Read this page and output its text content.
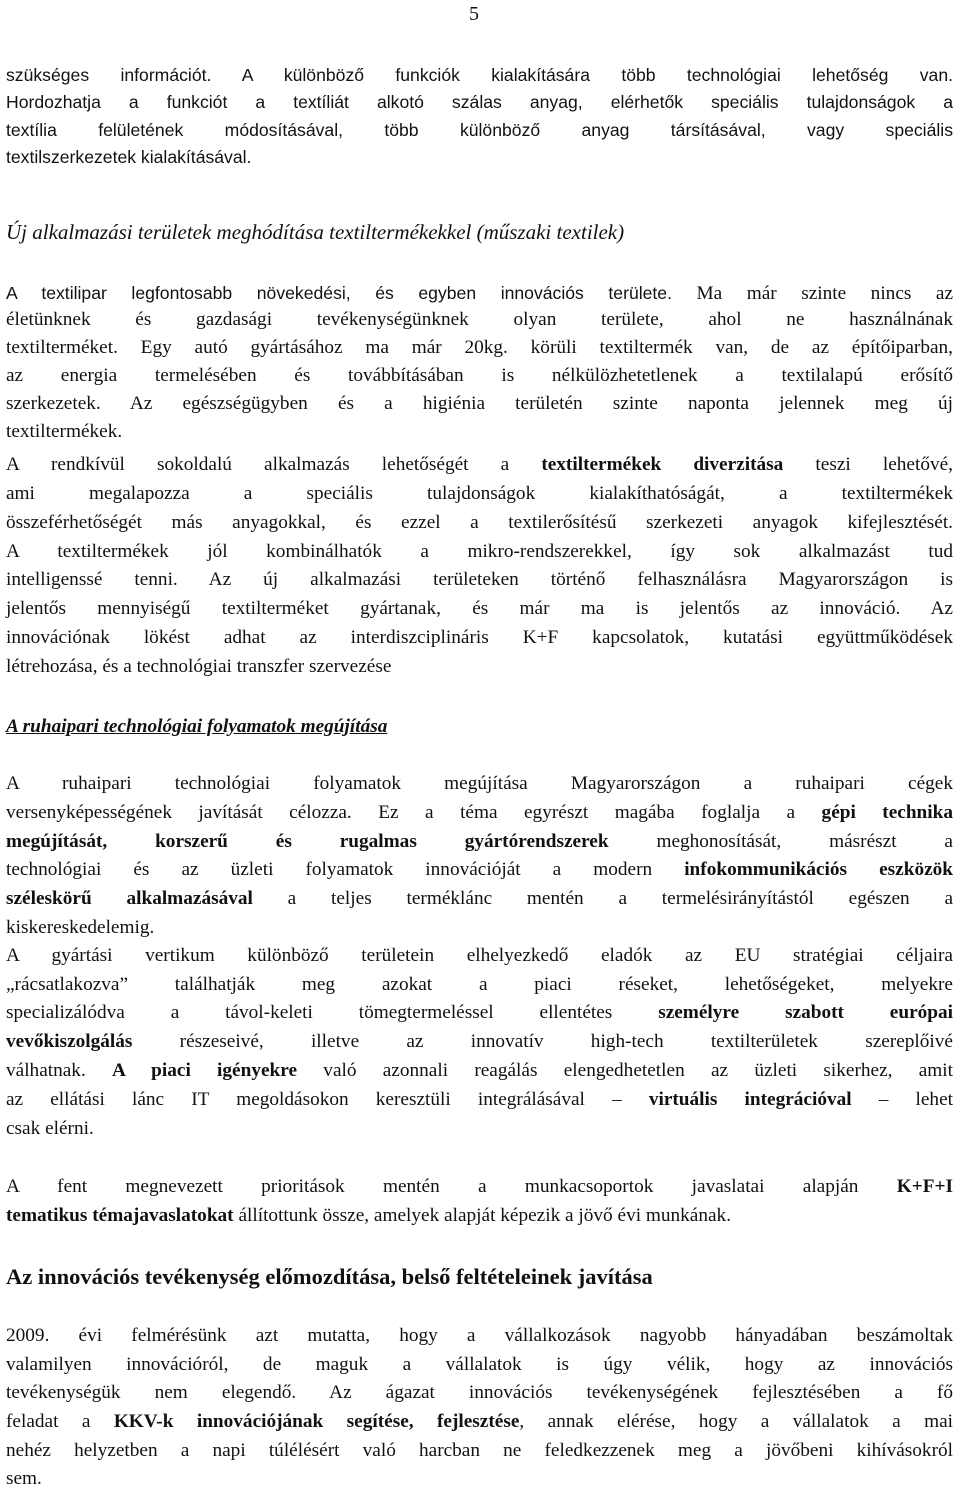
5
szükséges információt. A különböző funkciók kialakítására több technológiai lehetőség van.
Hordozhatja a funkciót a textíliát alkotó szálas anyag, elérhetők speciális tulajdonságok a
textília felületének módosításával, több különböző anyag társításával, vagy speciális
textilszerkezetek kialakításával.
Új alkalmazási területek meghódítása textiltermékekkel (műszaki textilek)
A textilipar legfontosabb növekedési, és egyben innovációs területe. Ma már szinte nincs az
életünknek és gazdasági tevékenységünknek olyan területe, ahol ne használnának
textilterméket. Egy autó gyártásához ma már 20kg. körüli textiltermék van, de az építőiparban,
az energia termelésében és továbbításában is nélkülözhetetlenek a textilalapú erősítő
szerkezetek. Az egészségügyben és a higiénia területén szinte naponta jelennek meg új
textiltermékek.
A rendkívül sokoldalú alkalmazás lehetőségét a textiltermékek diverzitása teszi lehetővé,
ami megalapozza a speciális tulajdonságok kialakíthatóságát, a textiltermékek
összeférhetőségét más anyagokkal, és ezzel a textilerősítésű szerkezeti anyagok kifejlesztését.
A textiltermékek jól kombinálhatók a mikro-rendszerekkel, így sok alkalmazást tud
intelligenssé tenni. Az új alkalmazási területeken történő felhasználásra Magyarországon is
jelentős mennyiségű textilterméket gyártanak, és már ma is jelentős az innováció. Az
innovációnak lökést adhat az interdiszciplináris K+F kapcsolatok, kutatási együttműködések
létrehozása, és a technológiai transzfer szervezése
A ruhaipari technológiai folyamatok megújítása
A ruhaipari technológiai folyamatok megújítása Magyarországon a ruhaipari cégek
versenyképességének javítását célozza. Ez a téma egyrészt magába foglalja a gépi technika
megújítását, korszerű és rugalmas gyártórendszerek meghonosítását, másrészt a
technológiai és az üzleti folyamatok innovációját a modern infokommunikációs eszközök
széleskörű alkalmazásával a teljes terméklánc mentén a termelésirányítástól egészen a
kiskereskedelemig.
A gyártási vertikum különböző területein elhelyezkedő eladók az EU stratégiai céljaira
„rácsatlakozva” találhatják meg azokat a piaci réseket, lehetőségeket, melyekre
specializálódva a távol-keleti tömegtermeléssel ellentétes személyre szabott európai
vevőkiszolgálás részeseivé, illetve az innovatív high-tech textilterületek szereplőivé
válhatnak. A piaci igényekre való azonnali reagálás elengedhetetlen az üzleti sikerhez, amit
az ellátási lánc IT megoldásokon keresztüli integrálásával – virtuális integrációval – lehet
csak elérni.
A fent megnevezett prioritások mentén a munkacsoportok javaslatai alapján K+F+I
tematikus témajavaslatokat állítottunk össze, amelyek alapját képezik a jövő évi munkának.
Az innovációs tevékenység előmozdítása, belső feltételeinek javítása
2009. évi felmérésünk azt mutatta, hogy a vállalkozások nagyobb hányadában beszámoltak
valamilyen innovációról, de maguk a vállalatok is úgy vélik, hogy az innovációs
tevékenységük nem elegendő. Az ágazat innovációs tevékenységének fejlesztésében a fő
feladat a KKV-k innovációjának segítése, fejlesztése, annak elérése, hogy a vállalatok a mai
nehéz helyzetben a napi túlélésért való harcban ne feledkezzenek meg a jövőbeni kihívásokról
sem.
